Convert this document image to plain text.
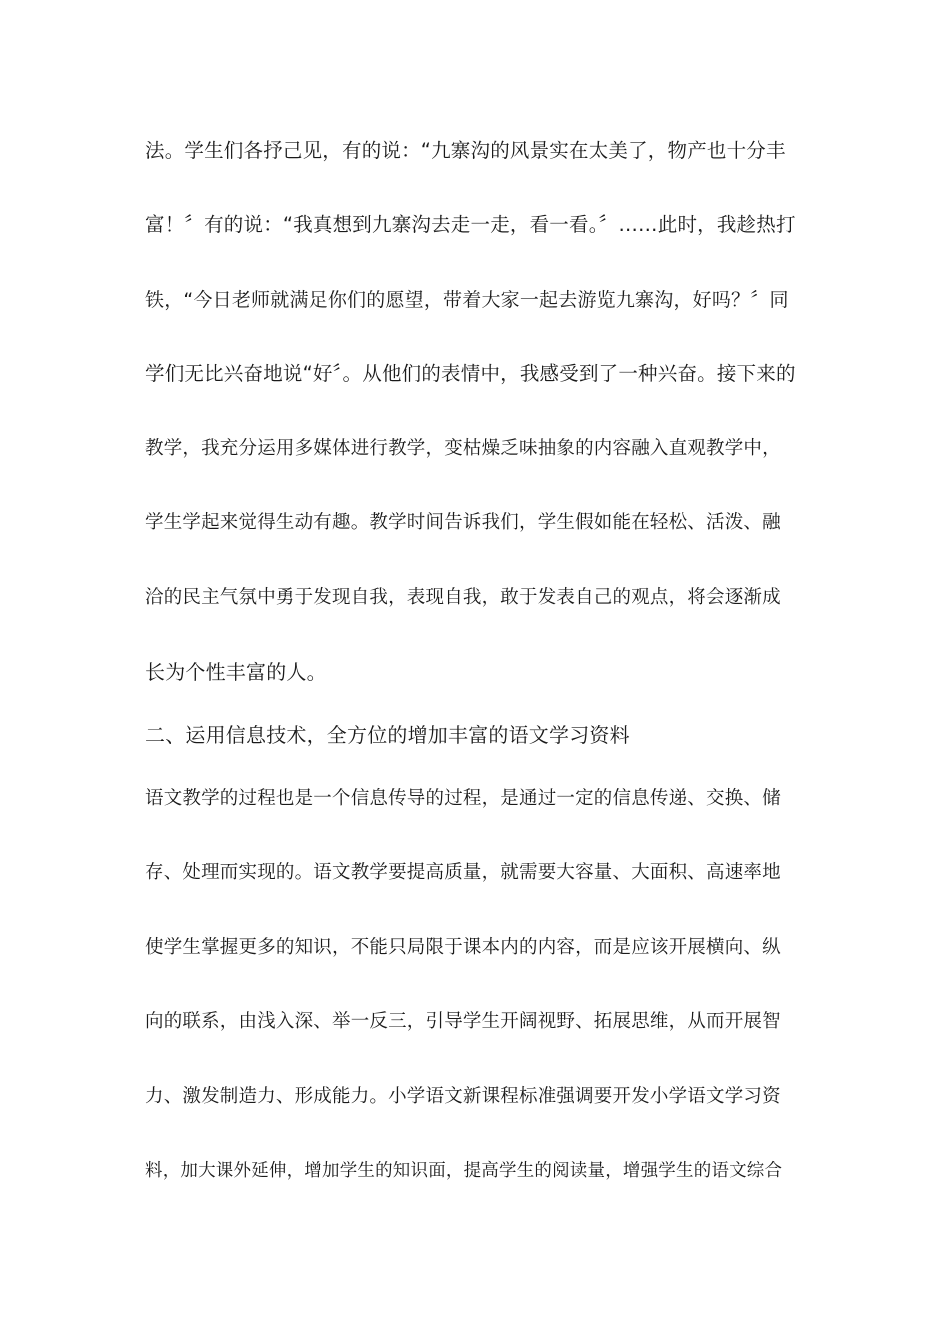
法。学生们各抒己见，有的说：“九寨沟的风景实在太美了，物产也十分丰
富！〞有的说：“我真想到九寨沟去走一走，看一看。〞……此时，我趁热打
铁，“今日老师就满足你们的愿望，带着大家一起去游览九寨沟，好吗？〞同
学们无比兴奋地说“好〞。从他们的表情中，我感受到了一种兴奋。接下来的
教学，我充分运用多媒体进行教学，变枯燥乏味抽象的内容融入直观教学中，
学生学起来觉得生动有趣。教学时间告诉我们，学生假如能在轻松、活泼、融
洽的民主气氛中勇于发现自我，表现自我，敢于发表自己的观点，将会逐渐成
长为个性丰富的人。
二、运用信息技术，全方位的增加丰富的语文学习资料
语文教学的过程也是一个信息传导的过程，是通过一定的信息传递、交换、储
存、处理而实现的。语文教学要提高质量，就需要大容量、大面积、高速率地
使学生掌握更多的知识，不能只局限于课本内的内容，而是应该开展横向、纵
向的联系，由浅入深、举一反三，引导学生开阔视野、拓展思维，从而开展智
力、激发制造力、形成能力。小学语文新课程标准强调要开发小学语文学习资
料，加大课外延伸，增加学生的知识面，提高学生的阅读量，增强学生的语文综合
